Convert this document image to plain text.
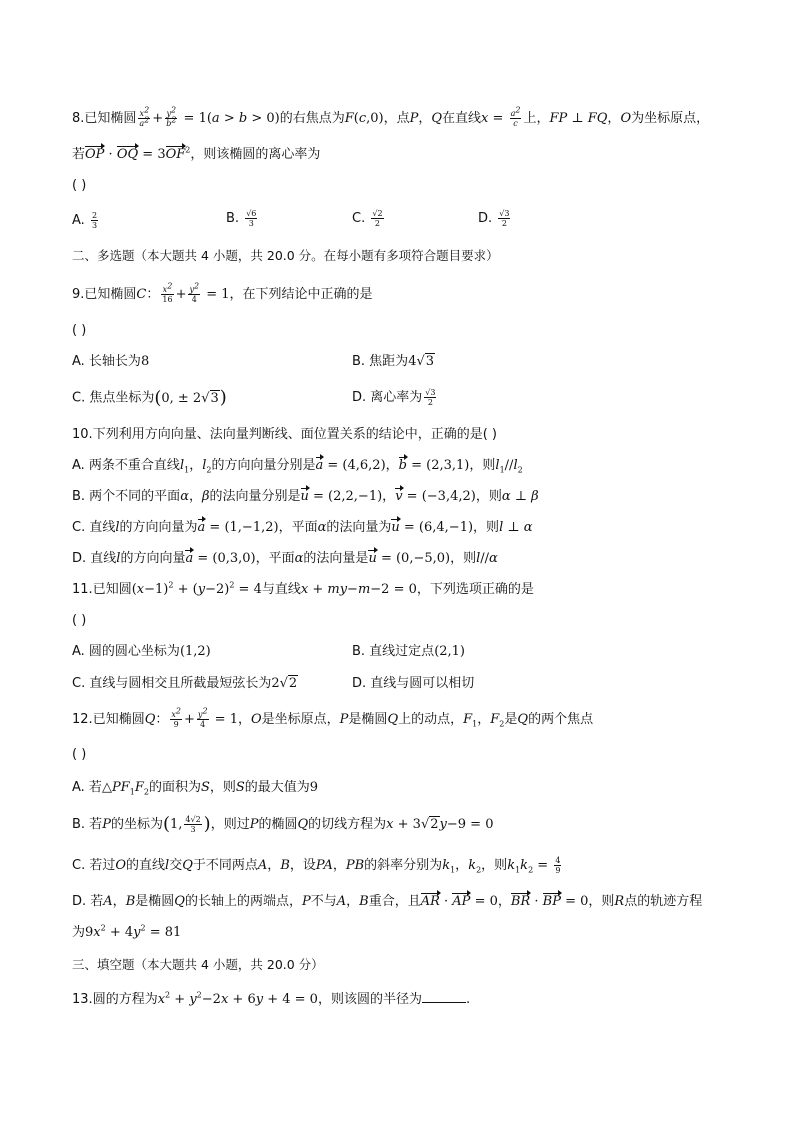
8.已知椭圆 $\frac{x^2}{a^2} + \frac{y^2}{b^2} = 1(a > b > 0)$的右焦点为F(c,0)，点P，Q在直线$x = \frac{a^2}{c}$ 上，FP ⊥ FQ，O为坐标原点，
若OP · OQ = $3OF^2$，则该椭圆的离心率为
( )
A. $\frac{2}{3}$	B. $\frac{√6}{3}$	C. $\frac{√2}{2}$	D. $\frac{√3}{2}$
二、多选题（本大题共 4 小题，共 20.0 分。在每小题有多项符合题目要求）
9.已知椭圆C： $\frac{x^2}{16} + \frac{y^2}{4} = 1$，在下列结论中正确的是
( )
A. 长轴长为8	B. 焦距为4√3
C. 焦点坐标为(0, ± 2√3)	D. 离心率为 $\frac{√3}{2}$
10.下列利用方向向量、法向量判断线、面位置关系的结论中，正确的是( )
A. 两条不重合直线$l_1$，$l_2$的方向向量分别是a = (4,6,2)，b = (2,3,1)，则$l_1//l_2$
B. 两个不同的平面α，β的法向量分别是u = (2,2,−1)，v = (−3,4,2)，则α ⊥ β
C. 直线l的方向向量为a = (1,−1,2)，平面α的法向量为u = (6,4,−1)，则l ⊥ α
D. 直线l的方向向量a = (0,3,0)，平面α的法向量是u = (0,−5,0)，则l//α
11.已知圆$(x-1)^2 + (y-2)^2 = 4$与直线x + my−m−2 = 0，下列选项正确的是
( )
A. 圆的圆心坐标为(1,2)	B. 直线过定点(2,1)
C. 直线与圆相交且所截最短弦长为2√2	D. 直线与圆可以相切
12.已知椭圆Q： $\frac{x^2}{9} + \frac{y^2}{4} = 1$，O是坐标原点，P是椭圆Q上的动点，$F_1$，$F_2$是Q的两个焦点
( )
A. 若$\triangle PF_1F_2$的面积为S，则S的最大值为9
B. 若P的坐标为(1, $\frac{4√2}{3}$ )，则过P的椭圆Q的切线方程为x + 3√2y−9 = 0
C. 若过O的直线l交Q于不同两点A，B，设PA，PB的斜率分别为$k_1$，$k_2$，则$k_1k_2 = \frac{4}{9}$
D. 若A，B是椭圆Q的长轴上的两端点，P不与A，B重合，且AR · AP = 0，BR · BP = 0，则R点的轨迹方程
为$9x^2 + 4y^2 = 81$
三、填空题（本大题共 4 小题，共 20.0 分）
13.圆的方程为$x^2 + y^2-2x + 6y + 4 = 0$，则该圆的半径为	.
